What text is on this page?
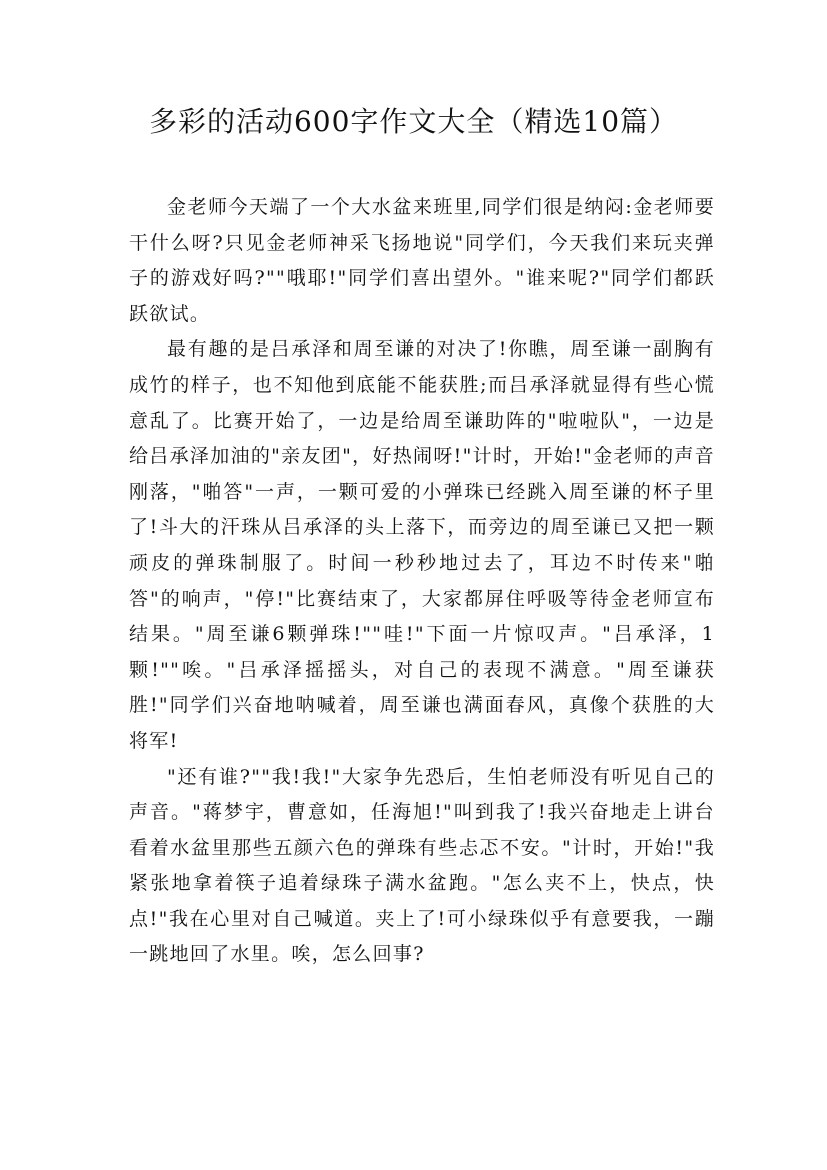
多彩的活动600字作文大全（精选10篇）

金老师今天端了一个大水盆来班里,同学们很是纳闷:金老师要干什么呀?只见金老师神采飞扬地说"同学们，今天我们来玩夹弹子的游戏好吗?""哦耶!"同学们喜出望外。"谁来呢?"同学们都跃跃欲试。

最有趣的是吕承泽和周至谦的对决了!你瞧，周至谦一副胸有成竹的样子，也不知他到底能不能获胜;而吕承泽就显得有些心慌意乱了。比赛开始了，一边是给周至谦助阵的"啦啦队"，一边是给吕承泽加油的"亲友团"，好热闹呀!"计时，开始!"金老师的声音刚落，"啪答"一声，一颗可爱的小弹珠已经跳入周至谦的杯子里了!斗大的汗珠从吕承泽的头上落下，而旁边的周至谦已又把一颗顽皮的弹珠制服了。时间一秒秒地过去了，耳边不时传来"啪答"的响声，"停!"比赛结束了，大家都屏住呼吸等待金老师宣布结果。"周至谦6颗弹珠!""哇!"下面一片惊叹声。"吕承泽，1颗!""唉。"吕承泽摇摇头，对自己的表现不满意。"周至谦获胜!"同学们兴奋地呐喊着，周至谦也满面春风，真像个获胜的大将军!

"还有谁?""我!我!"大家争先恐后，生怕老师没有听见自己的声音。"蒋梦宇，曹意如，任海旭!"叫到我了!我兴奋地走上讲台看着水盆里那些五颜六色的弹珠有些忐忑不安。"计时，开始!"我紧张地拿着筷子追着绿珠子满水盆跑。"怎么夹不上，快点，快点!"我在心里对自己喊道。夹上了!可小绿珠似乎有意要我，一蹦一跳地回了水里。唉，怎么回事?
